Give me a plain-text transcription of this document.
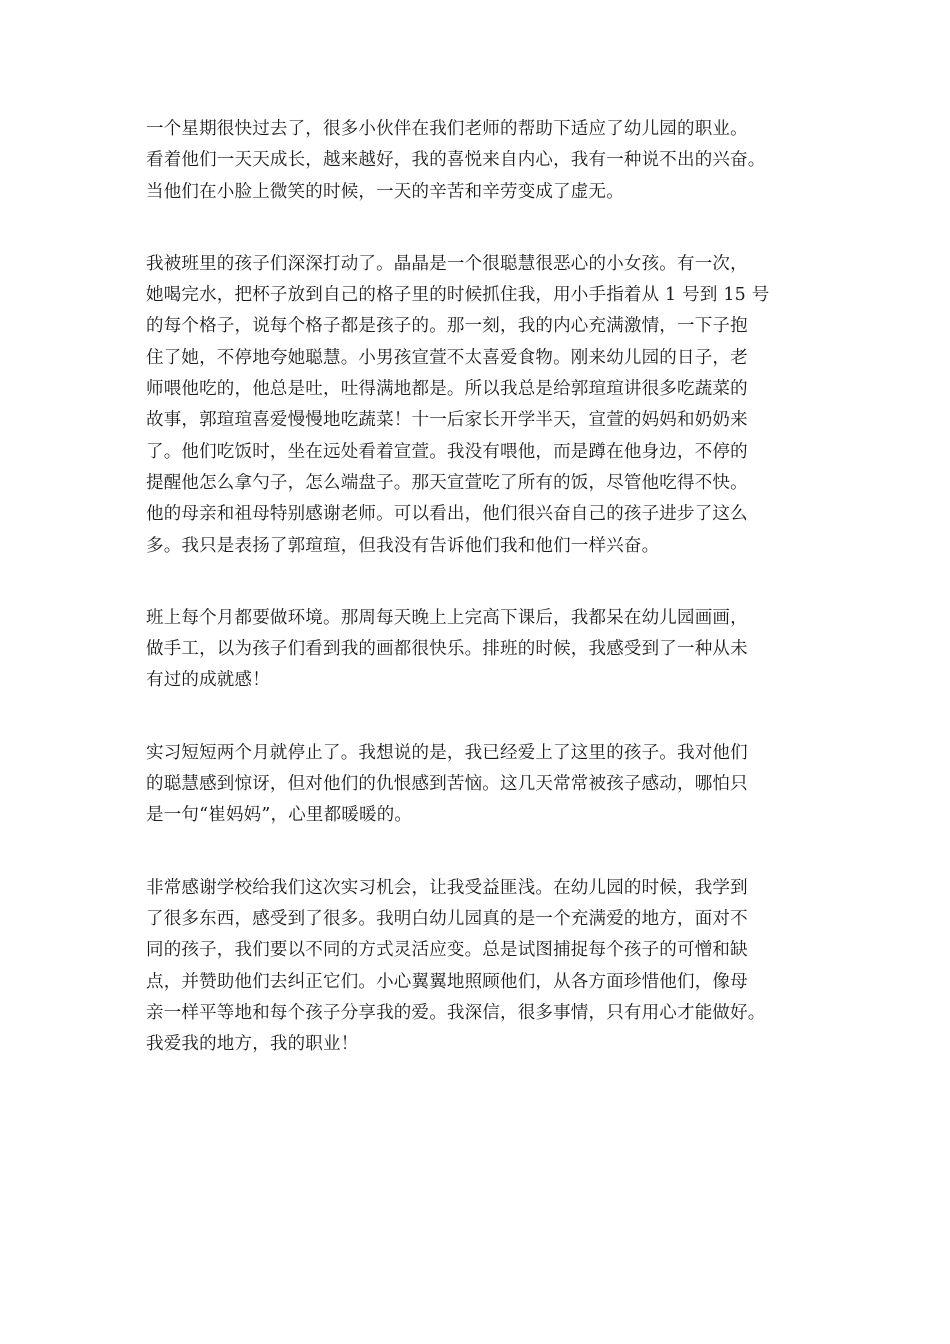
一个星期很快过去了，很多小伙伴在我们老师的帮助下适应了幼儿园的职业。
看着他们一天天成长，越来越好，我的喜悦来自内心，我有一种说不出的兴奋。
当他们在小脸上微笑的时候，一天的辛苦和辛劳变成了虚无。

我被班里的孩子们深深打动了。晶晶是一个很聪慧很恶心的小女孩。有一次，
她喝完水，把杯子放到自己的格子里的时候抓住我，用小手指着从 1 号到 15 号
的每个格子，说每个格子都是孩子的。那一刻，我的内心充满激情，一下子抱
住了她，不停地夸她聪慧。小男孩宣萱不太喜爱食物。刚来幼儿园的日子，老
师喂他吃的，他总是吐，吐得满地都是。所以我总是给郭瑄瑄讲很多吃蔬菜的
故事，郭瑄瑄喜爱慢慢地吃蔬菜！十一后家长开学半天，宣萱的妈妈和奶奶来
了。他们吃饭时，坐在远处看着宣萱。我没有喂他，而是蹲在他身边，不停的
提醒他怎么拿勺子，怎么端盘子。那天宣萱吃了所有的饭，尽管他吃得不快。
他的母亲和祖母特别感谢老师。可以看出，他们很兴奋自己的孩子进步了这么
多。我只是表扬了郭瑄瑄，但我没有告诉他们我和他们一样兴奋。

班上每个月都要做环境。那周每天晚上上完高下课后，我都呆在幼儿园画画，
做手工，以为孩子们看到我的画都很快乐。排班的时候，我感受到了一种从未
有过的成就感！

实习短短两个月就停止了。我想说的是，我已经爱上了这里的孩子。我对他们
的聪慧感到惊讶，但对他们的仇恨感到苦恼。这几天常常被孩子感动，哪怕只
是一句“崔妈妈”，心里都暖暖的。

非常感谢学校给我们这次实习机会，让我受益匪浅。在幼儿园的时候，我学到
了很多东西，感受到了很多。我明白幼儿园真的是一个充满爱的地方，面对不
同的孩子，我们要以不同的方式灵活应变。总是试图捕捉每个孩子的可憎和缺
点，并赞助他们去纠正它们。小心翼翼地照顾他们，从各方面珍惜他们，像母
亲一样平等地和每个孩子分享我的爱。我深信，很多事情，只有用心才能做好。
我爱我的地方，我的职业！
